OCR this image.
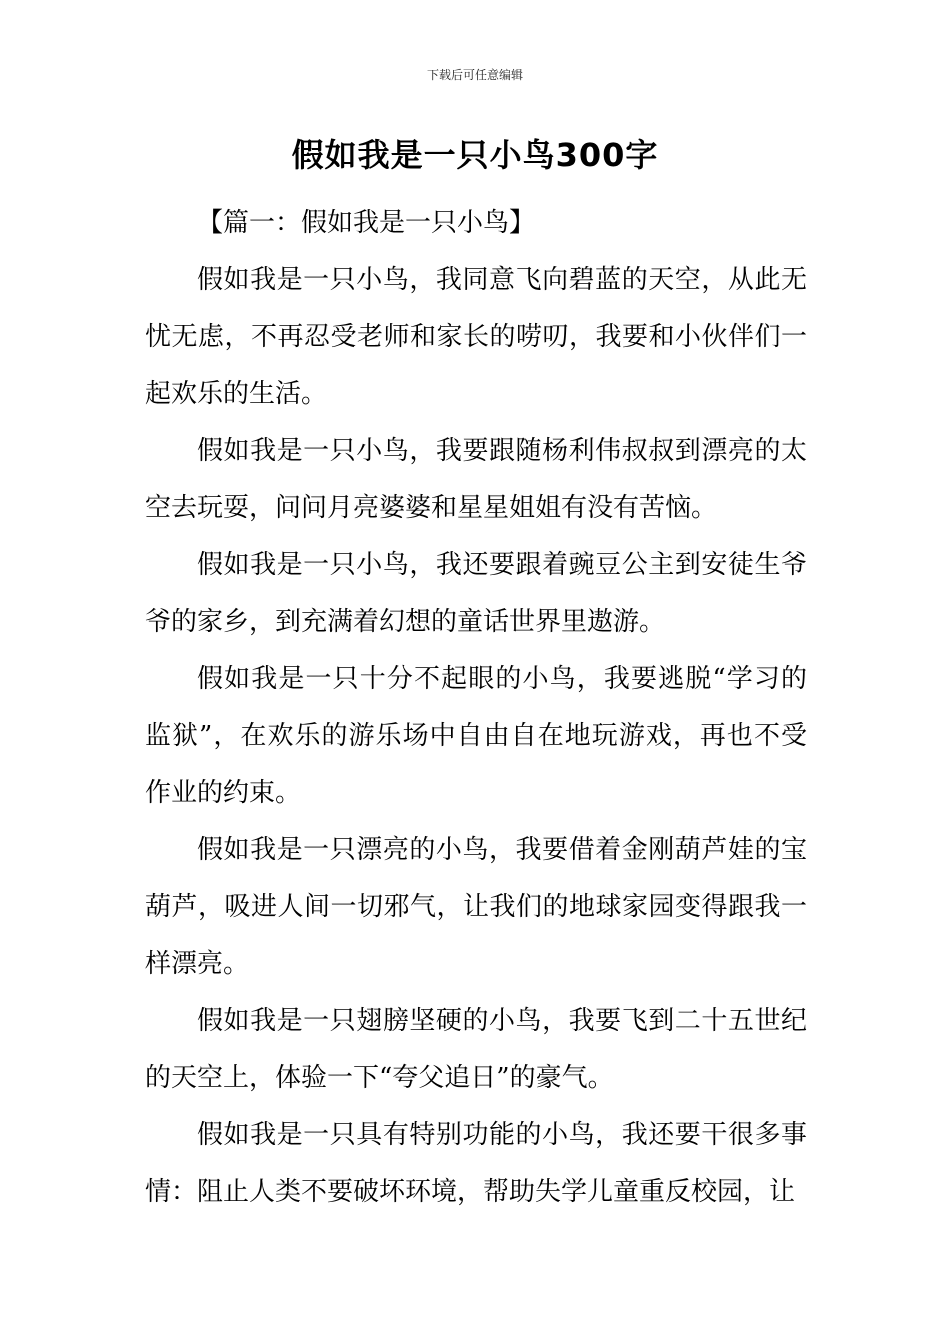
下载后可任意编辑
假如我是一只小鸟300字

【篇一：假如我是一只小鸟】

假如我是一只小鸟，我同意飞向碧蓝的天空，从此无忧无虑，不再忍受老师和家长的唠叨，我要和小伙伴们一起欢乐的生活。

假如我是一只小鸟，我要跟随杨利伟叔叔到漂亮的太空去玩耍，问问月亮婆婆和星星姐姐有没有苦恼。

假如我是一只小鸟，我还要跟着豌豆公主到安徒生爷爷的家乡，到充满着幻想的童话世界里遨游。

假如我是一只十分不起眼的小鸟，我要逃脱“学习的监狱”，在欢乐的游乐场中自由自在地玩游戏，再也不受作业的约束。

假如我是一只漂亮的小鸟，我要借着金刚葫芦娃的宝葫芦，吸进人间一切邪气，让我们的地球家园变得跟我一样漂亮。

假如我是一只翅膀坚硬的小鸟，我要飞到二十五世纪的天空上，体验一下“夸父追日”的豪气。

假如我是一只具有特别功能的小鸟，我还要干很多事情：阻止人类不要破坏环境，帮助失学儿童重反校园，让
